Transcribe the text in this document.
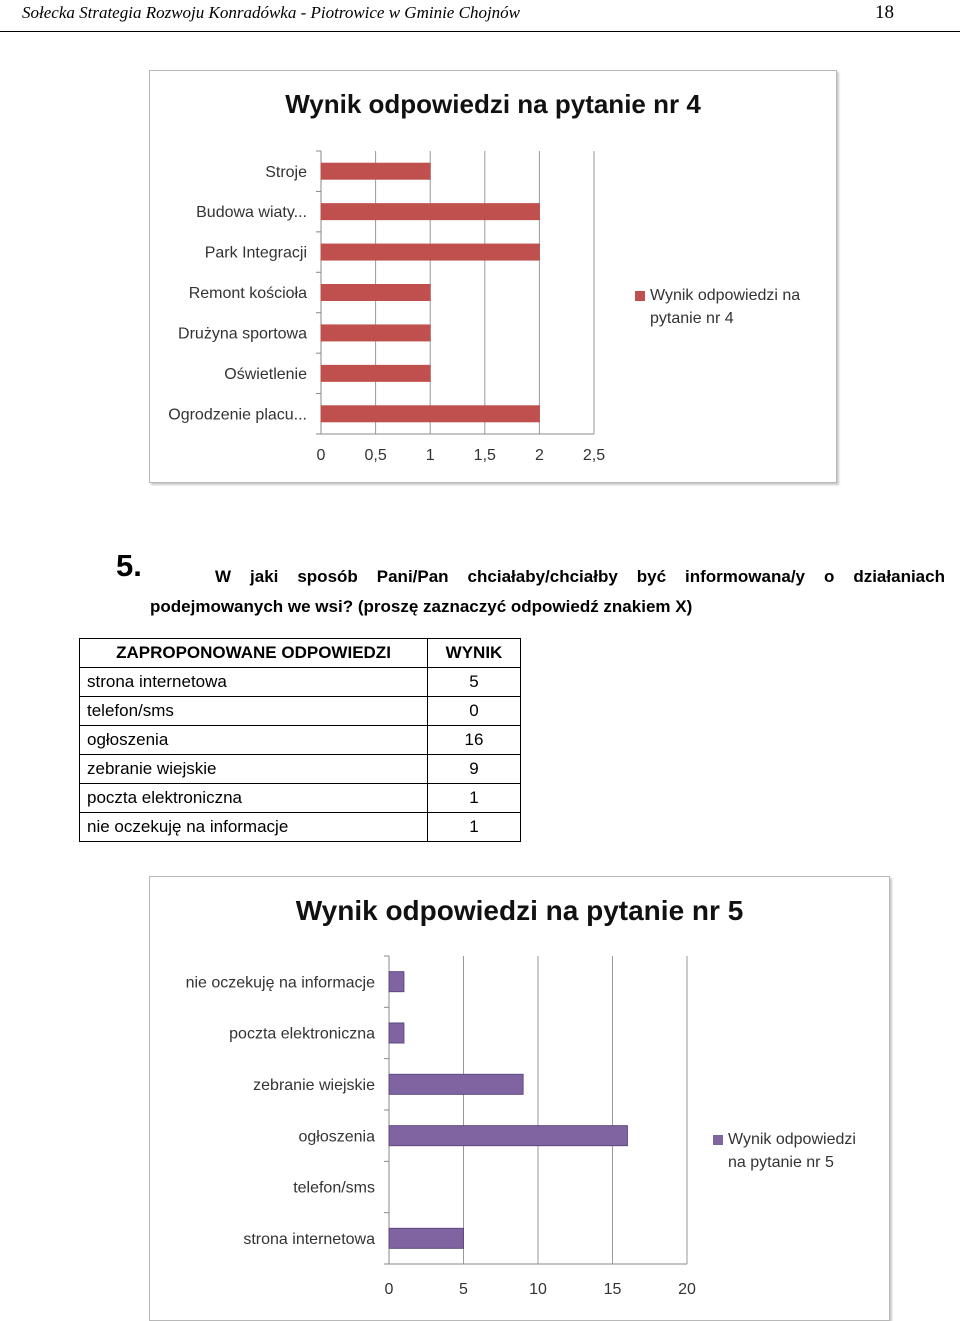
Sołecka Strategia Rozwoju Konradówka - Piotrowice w Gminie Chojnów	18
Wynik odpowiedzi na pytanie nr 4
0 0,5 1 1,5 2 2,5
Stroje
Budowa wiaty...
Park Integracji
Remont kościoła
Drużyna sportowa
Oświetlenie
Ogrodzenie placu...
Wynik odpowiedzi na
pytanie nr 4
5.	W jaki sposób Pani/Pan chciałaby/chciałby być informowana/y o działaniach
podejmowanych we wsi? (proszę zaznaczyć odpowiedź znakiem X)
ZAPROPONOWANE ODPOWIEDZI	WYNIK
strona internetowa	5
telefon/sms	0
ogłoszenia	16
zebranie wiejskie	9
poczta elektroniczna	1
nie oczekuję na informacje	1
Wynik odpowiedzi na pytanie nr 5
0	5	10	15	20
nie oczekuję na informacje
poczta elektroniczna
zebranie wiejskie
ogłoszenia
telefon/sms
strona internetowa
Wynik odpowiedzi
na pytanie nr 5
